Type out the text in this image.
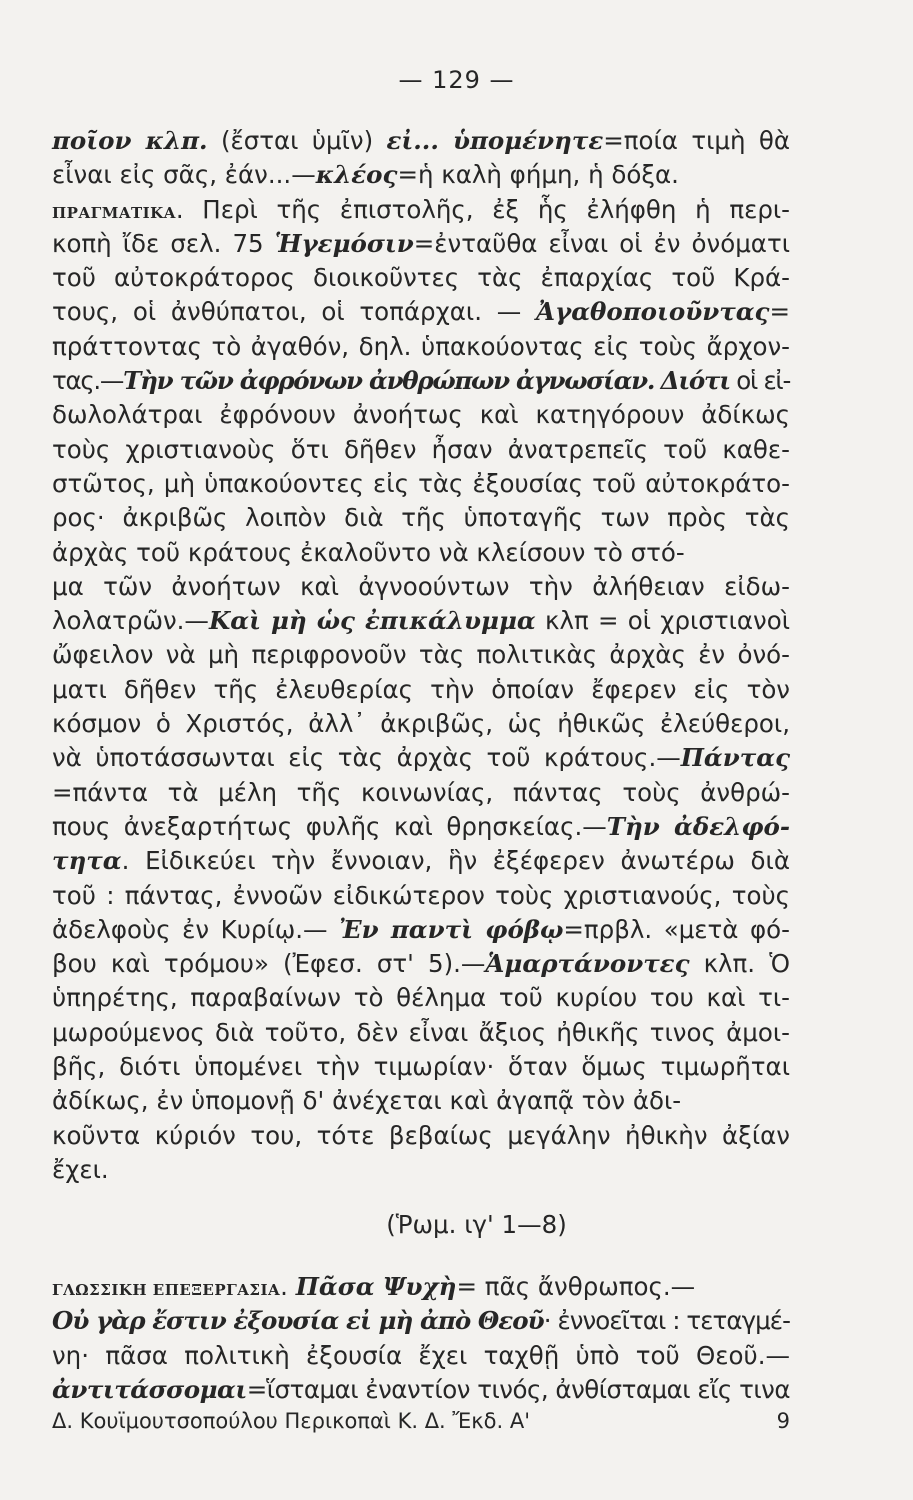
— 129 —
ποῖον κλπ. (ἔσται ὑμῖν) εἰ... ὑπομένητε=ποία τιμὴ θὰ
εἶναι εἰς σᾶς, ἐάν...— κλέος =ἡ καλὴ φήμη, ἡ δόξα.
ΠΡΑΓΜΑΤΙΚΑ. Περὶ τῆς ἐπιστολῆς, ἐξ ἧς ἐλήφθη ἡ περι-
κοπὴ ἴδε σελ. 75 Ἡγεμόσιν=ἐνταῦθα εἶναι οἱ ἐν ὀνόματι
τοῦ αὐτοκράτορος διοικοῦντες τὰς ἐπαρχίας τοῦ Κρά-
τους, οἱ ἀνθύπατοι, οἱ τοπάρχαι. — Ἀγαθοποιοῦντας=
πράττοντας τὸ ἀγαθόν, δηλ. ὑπακούοντας εἰς τοὺς ἄρχον-
τας.—Τὴν τῶν ἀφρόνων ἀνθρώπων ἀγνωσίαν. Διότι οἱ εἰ-
δωλολάτραι ἐφρόνουν ἀνοήτως καὶ κατηγόρουν ἀδίκως
τοὺς χριστιανοὺς ὅτι δῆθεν ἦσαν ἀνατρεπεῖς τοῦ καθε-
στῶτος, μὴ ὑπακούοντες εἰς τὰς ἐξουσίας τοῦ αὐτοκράτο-
ρος· ἀκριβῶς λοιπὸν διὰ τῆς ὑποταγῆς των πρὸς τὰς
ἀρχὰς τοῦ κράτους ἐκαλοῦντο νὰ κλείσουν τὸ στό-
μα τῶν ἀνοήτων καὶ ἀγνοούντων τὴν ἀλήθειαν εἰδω-
λολατρῶν.—Καὶ μὴ ὡς ἐπικάλυμμα κλπ = οἱ χριστιανοὶ
ὤφειλον νὰ μὴ περιφρονοῦν τὰς πολιτικὰς ἀρχὰς ἐν ὀνό-
ματι δῆθεν τῆς ἐλευθερίας τὴν ὁποίαν ἔφερεν εἰς τὸν
κόσμον ὁ Χριστός, ἀλλ᾽ ἀκριβῶς, ὡς ἠθικῶς ἐλεύθεροι,
νὰ ὑποτάσσωνται εἰς τὰς ἀρχὰς τοῦ κράτους.—Πάντας
=πάντα τὰ μέλη τῆς κοινωνίας, πάντας τοὺς ἀνθρώ-
πους ἀνεξαρτήτως φυλῆς καὶ θρησκείας.—Τὴν ἀδελφό-
τητα. Εἰδικεύει τὴν ἔννοιαν, ἣν ἐξέφερεν ἀνωτέρω διὰ
τοῦ : πάντας, ἐννοῶν εἰδικώτερον τοὺς χριστιανούς, τοὺς
ἀδελφοὺς ἐν Κυρίῳ.— Ἐν παντὶ φόβῳ=πρβλ. «μετὰ φό-
βου καὶ τρόμου» (Ἐφεσ. στ' 5).—Ἁμαρτάνοντες κλπ. Ὁ
ὑπηρέτης, παραβαίνων τὸ θέλημα τοῦ κυρίου του καὶ τι-
μωρούμενος διὰ τοῦτο, δὲν εἶναι ἄξιος ἠθικῆς τινος ἀμοι-
βῆς, διότι ὑπομένει τὴν τιμωρίαν· ὅταν ὅμως τιμωρῆται
ἀδίκως, ἐν ὑπομονῇ δ' ἀνέχεται καὶ ἀγαπᾷ τὸν ἀδι-
κοῦντα κύριόν του, τότε βεβαίως μεγάλην ἠθικὴν ἀξίαν
ἔχει.
(Ῥωμ. ιγ' 1—8)
ΓΛΩΣΣΙΚΗ ΕΠΕΞΕΡΓΑΣΙΑ. Πᾶσα Ψυχὴ= πᾶς ἄνθρωπος.—
Οὐ γὰρ ἔστιν ἐξουσία εἰ μὴ ἀπὸ Θεοῦ· ἐννοεῖται : τεταγμέ-
νη· πᾶσα πολιτικὴ ἐξουσία ἔχει ταχθῇ ὑπὸ τοῦ Θεοῦ.—
ἀντιτάσσομαι=ἵσταμαι ἐναντίον τινός, ἀνθίσταμαι εἴς τινα
Δ. Κουϊμουτσοπούλου Περικοπαὶ Κ. Δ. Ἔκδ. Α'	9
